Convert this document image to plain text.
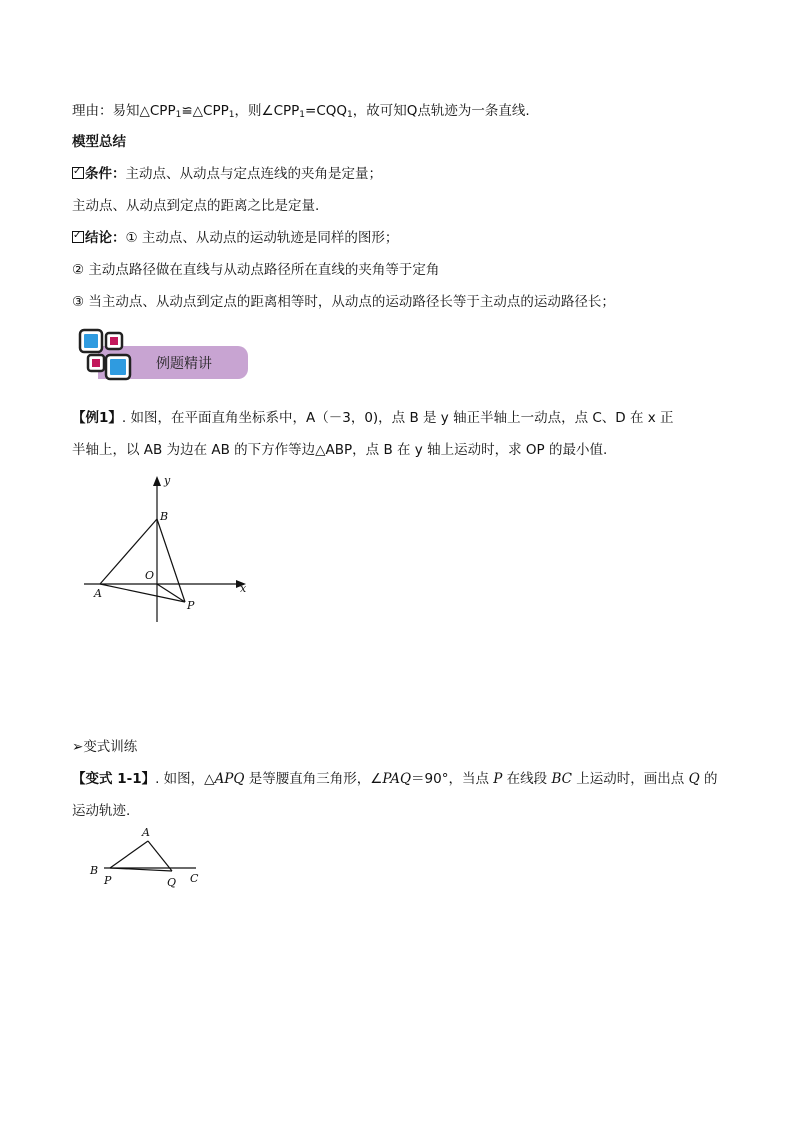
理由：易知$\triangle CPP_1≌\triangle CPP_1$，则$\angle CPP_1=CQQ_1$，故可知Q点轨迹为一条直线.
模型总结
✓条件：主动点、从动点与定点连线的夹角是定量；
主动点、从动点到定点的距离之比是定量.
✓结论：① 主动点、从动点的运动轨迹是同样的图形；
② 主动点路径做在直线与从动点路径所在直线的夹角等于定角
③ 当主动点、从动点到定点的距离相等时，从动点的运动路径长等于主动点的运动路径长；
例题精讲
【例1】. 如图，在平面直角坐标系中，A（－3，0)，点 B 是 y 轴正半轴上一动点，点 C、D 在 x 正
半轴上，以 AB 为边在 AB 的下方作等边△ABP，点 B 在 y 轴上运动时，求 OP 的最小值.
y
x
B
O
A
P
➢变式训练
【变式 1-1】. 如图，△APQ 是等腰直角三角形，∠PAQ＝90°，当点 P 在线段 BC 上运动时，画出点 Q 的
运动轨迹.
A
B
P	Q C
